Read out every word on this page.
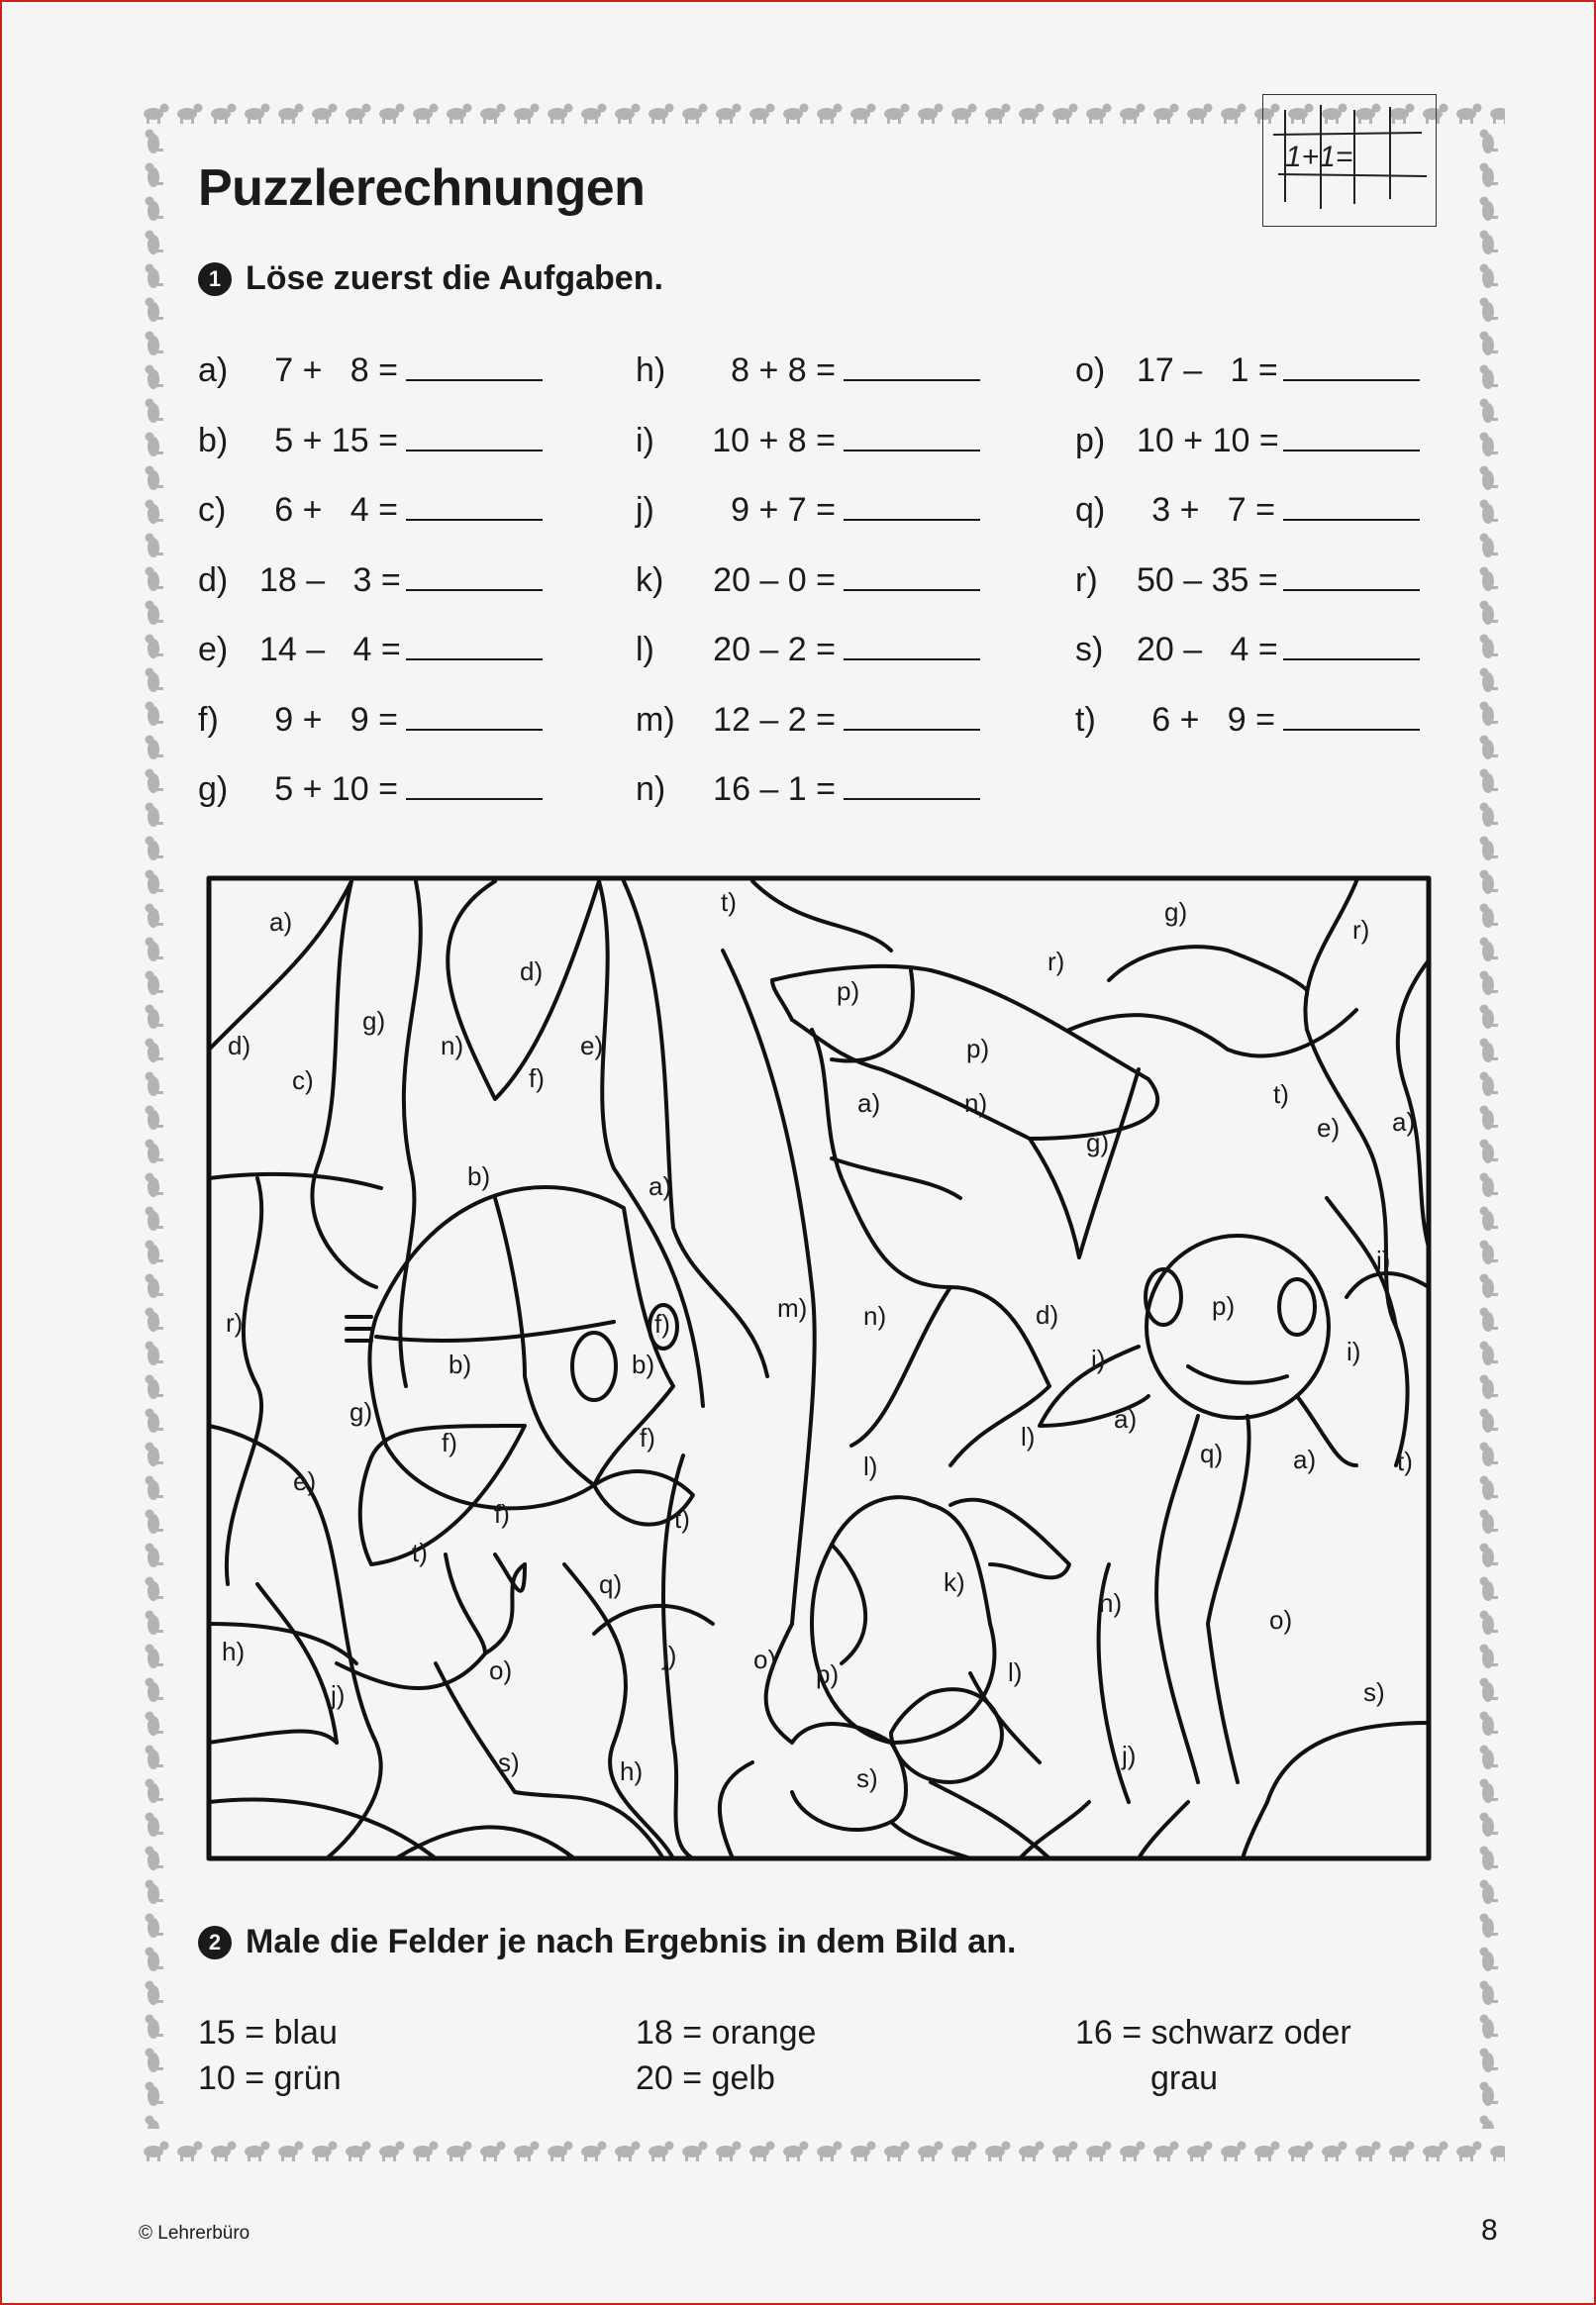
1+1=
Puzzlerechnungen
1 Löse zuerst die Aufgaben.
a)	7 +   8 =
b)	5 + 15 =
c)	6 +   4 =
d) 18 –   3 =
e) 14 –   4 =
f)	9 +   9 =
g)	5 + 10 =
h)	8 + 8 =
i)	10 + 8 =
j)	9 + 7 =
k)	20 – 0 =
l)	20 – 2 =
m)	12 – 2 =
n)	16 – 1 =
o) 17 –   1 =
p) 10 + 10 =
q)	3 +   7 =
r)	50 – 35 =
s) 20 –   4 =
t)	6 +   9 =
a)
t)	g)
r)
d)
p)
r)
e)	p)
d)
g)
n)
c)	f)
a)
e)
a)	n)	t)
g)
b)	a)
i)
f)
m) n)	d)	p)
r)
b)	b)	i)	i)
g)
f)	f)	l)
a)
q)	a)	t)
e)	l)
f)	t)
t)
q)	k)
h)
o)
h)
o)
j)	o) p)	l)
j)	s)
s)	h)	s)
j)
2 Male die Felder je nach Ergebnis in dem Bild an.
15 = blau
10 = grün
18 = orange
20 = gelb
16 = schwarz oder
grau
© Lehrerbüro	8
